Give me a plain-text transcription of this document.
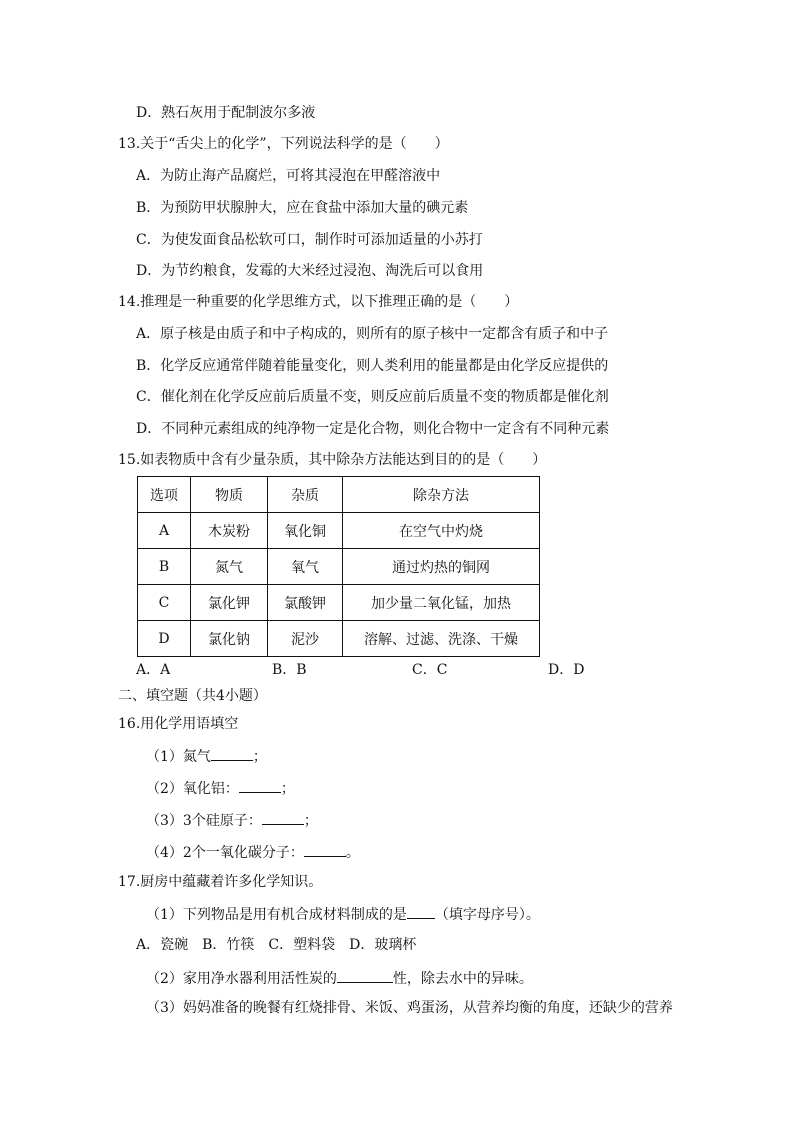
D．熟石灰用于配制波尔多液
13.关于“舌尖上的化学”，下列说法科学的是（　　）
A．为防止海产品腐烂，可将其浸泡在甲醛溶液中
B．为预防甲状腺肿大，应在食盐中添加大量的碘元素
C．为使发面食品松软可口，制作时可添加适量的小苏打
D．为节约粮食，发霉的大米经过浸泡、淘洗后可以食用
14.推理是一种重要的化学思维方式，以下推理正确的是（　　）
A．原子核是由质子和中子构成的，则所有的原子核中一定都含有质子和中子
B．化学反应通常伴随着能量变化，则人类利用的能量都是由化学反应提供的
C．催化剂在化学反应前后质量不变，则反应前后质量不变的物质都是催化剂
D．不同种元素组成的纯净物一定是化合物，则化合物中一定含有不同种元素
15.如表物质中含有少量杂质，其中除杂方法能达到目的的是（　　）
选项	物质	杂质	除杂方法
A	木炭粉	氧化铜	在空气中灼烧
B	氮气	氧气	通过灼热的铜网
C	氯化钾	氯酸钾	加少量二氧化锰，加热
D	氯化钠	泥沙	溶解、过滤、洗涤、干燥
A．A	B．B	C．C	D．D
二、填空题（共4小题）
16.用化学用语填空
（1）氮气	；
（2）氧化铝：	；
（3）3个硅原子：	；
（4）2个一氧化碳分子：	。
17.厨房中蕴藏着许多化学知识。
（1）下列物品是用有机合成材料制成的是 （填字母序号）。
A．瓷碗　B．竹筷　C．塑料袋　D．玻璃杯
（2）家用净水器利用活性炭的	性，除去水中的异味。
（3）妈妈准备的晚餐有红烧排骨、米饭、鸡蛋汤，从营养均衡的角度，还缺少的营养
